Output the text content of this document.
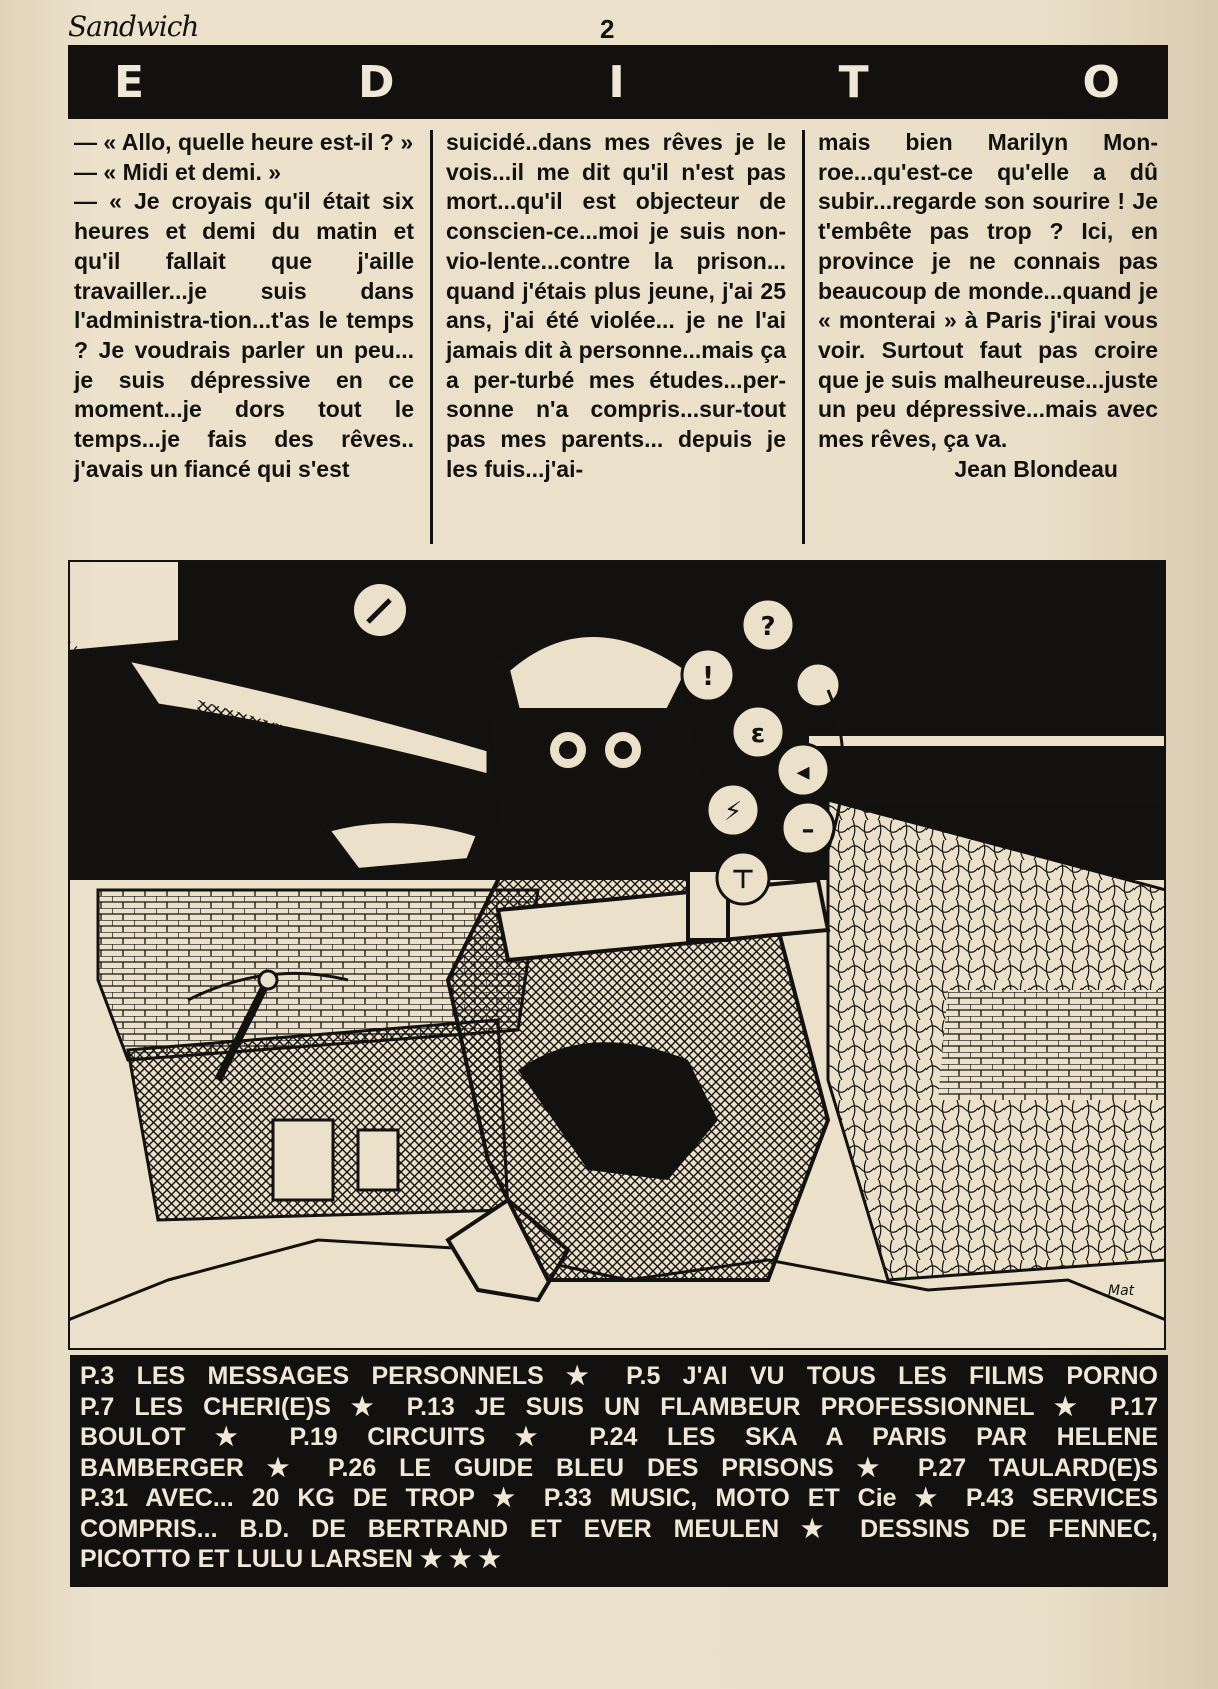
Sandwich	2
E	D	I	T	O

— « Allo, quelle heure est-il ? »

— « Midi et demi. »

— « Je croyais qu'il était six heures et demi du matin et qu'il fallait que j'aille travailler...je suis dans l'administra-tion...t'as le temps ? Je voudrais parler un peu... je suis dépressive en ce moment...je dors tout le temps...je fais des rêves.. j'avais un fiancé qui s'est

suicidé..dans mes rêves je le vois...il me dit qu'il n'est pas mort...qu'il est objecteur de conscien-ce...moi je suis non-vio-lente...contre la prison... quand j'étais plus jeune, j'ai 25 ans, j'ai été violée... je ne l'ai jamais dit à personne...mais ça a per-turbé mes études...per-sonne n'a compris...sur-tout pas mes parents... depuis je les fuis...j'ai-

mais bien Marilyn Mon-roe...qu'est-ce qu'elle a dû subir...regarde son sourire ! Je t'embête pas trop ? Ici, en province je ne connais pas beaucoup de monde...quand je « monterai » à Paris j'irai vous voir. Surtout faut pas croire que je suis malheureuse...juste un peu dépressive...mais avec mes rêves, ça va.

Jean Blondeau

?
!
ε
◂
⚡
–
⊤
Mat
P.3 LES MESSAGES PERSONNELS ★ P.5 J'AI VU TOUS LES FILMS PORNO
P.7 LES CHERI(E)S ★ P.13 JE SUIS UN FLAMBEUR PROFESSIONNEL ★ P.17
BOULOT ★ P.19 CIRCUITS ★ P.24 LES SKA A PARIS PAR HELENE
BAMBERGER ★ P.26 LE GUIDE BLEU DES PRISONS ★ P.27 TAULARD(E)S
P.31 AVEC... 20 KG DE TROP ★ P.33 MUSIC, MOTO ET Cie ★ P.43 SERVICES
COMPRIS... B.D. DE BERTRAND ET EVER MEULEN ★ DESSINS DE FENNEC,
PICOTTO ET LULU LARSEN ★ ★ ★
